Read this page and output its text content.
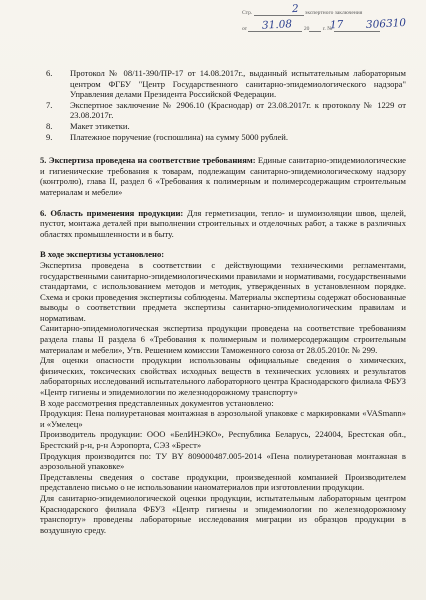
Стр.	экспертного заключения
от	20 г. №
2
31.08	17 306310
6. Протокол № 08/11-390/ПР-17 от 14.08.2017г., выданный испытательным лабораторным центром ФГБУ "Центр Государственного санитарно-эпидемиологического надзора" Управления делами Президента Российской Федерации.
7. Экспертное заключение № 2906.10 (Краснодар) от 23.08.2017г. к протоколу № 1229 от 23.08.2017г.
8. Макет этикетки.
9. Платежное поручение (госпошлина) на сумму 5000 рублей.
5. Экспертиза проведена на соответствие требованиям: Единые санитарно-эпидемиологические и гигиенические требования к товарам, подлежащим санитарно-эпидемиологическому надзору (контролю), глава II, раздел 6 «Требования к полимерным и полимерсодержащим строительным материалам и мебели»
6. Область применения продукции: Для герметизации, тепло- и шумоизоляции швов, щелей, пустот, монтажа деталей при выполнении строительных и отделочных работ, а также в различных областях промышленности и в быту.
В ходе экспертизы установлено:

Экспертиза проведена в соответствии с действующими техническими регламентами, государственными санитарно-эпидемиологическими правилами и нормативами, государственными стандартами, с использованием методов и методик, утвержденных в установленном порядке. Схема и сроки проведения экспертизы соблюдены. Материалы экспертизы содержат обоснованные выводы о соответствии предмета экспертизы санитарно-эпидемиологическим правилам и нормативам.

Санитарно-эпидемиологическая экспертиза продукции проведена на соответствие требованиям раздела главы II раздела 6 «Требования к полимерным и полимерсодержащим строительным материалам и мебели», Утв. Решением комиссии Таможенного союза от 28.05.2010г. № 299.

Для оценки опасности продукции использованы официальные сведения о химических, физических, токсических свойствах исходных веществ в технических условиях и результатов лабораторных исследований испытательного лабораторного центра Краснодарского филиала ФБУЗ «Центр гигиены и эпидемиологии по железнодорожному транспорту»

В ходе рассмотрения представленных документов установлено:

Продукция: Пена полиуретановая монтажная в аэрозольной упаковке с маркировками «VASmann» и «Умелец»

Производитель продукции: ООО «БелИНЭКО», Республика Беларусь, 224004, Брестская обл., Брестский р-н, р-н Аэропорта, СЭЗ «Брест»

Продукция производится по: ТУ BY 809000487.005-2014 «Пена полиуретановая монтажная в аэрозольной упаковке»

Представлены сведения о составе продукции, произведенной компанией Производителем представлено письмо о не использовании наноматериалов при изготовлении продукции.

Для санитарно-эпидемиологической оценки продукции, испытательным лабораторным центром Краснодарского филиала ФБУЗ «Центр гигиены и эпидемиологии по железнодорожному транспорту» проведены лабораторные исследования миграции из образцов продукции в воздушную среду.
